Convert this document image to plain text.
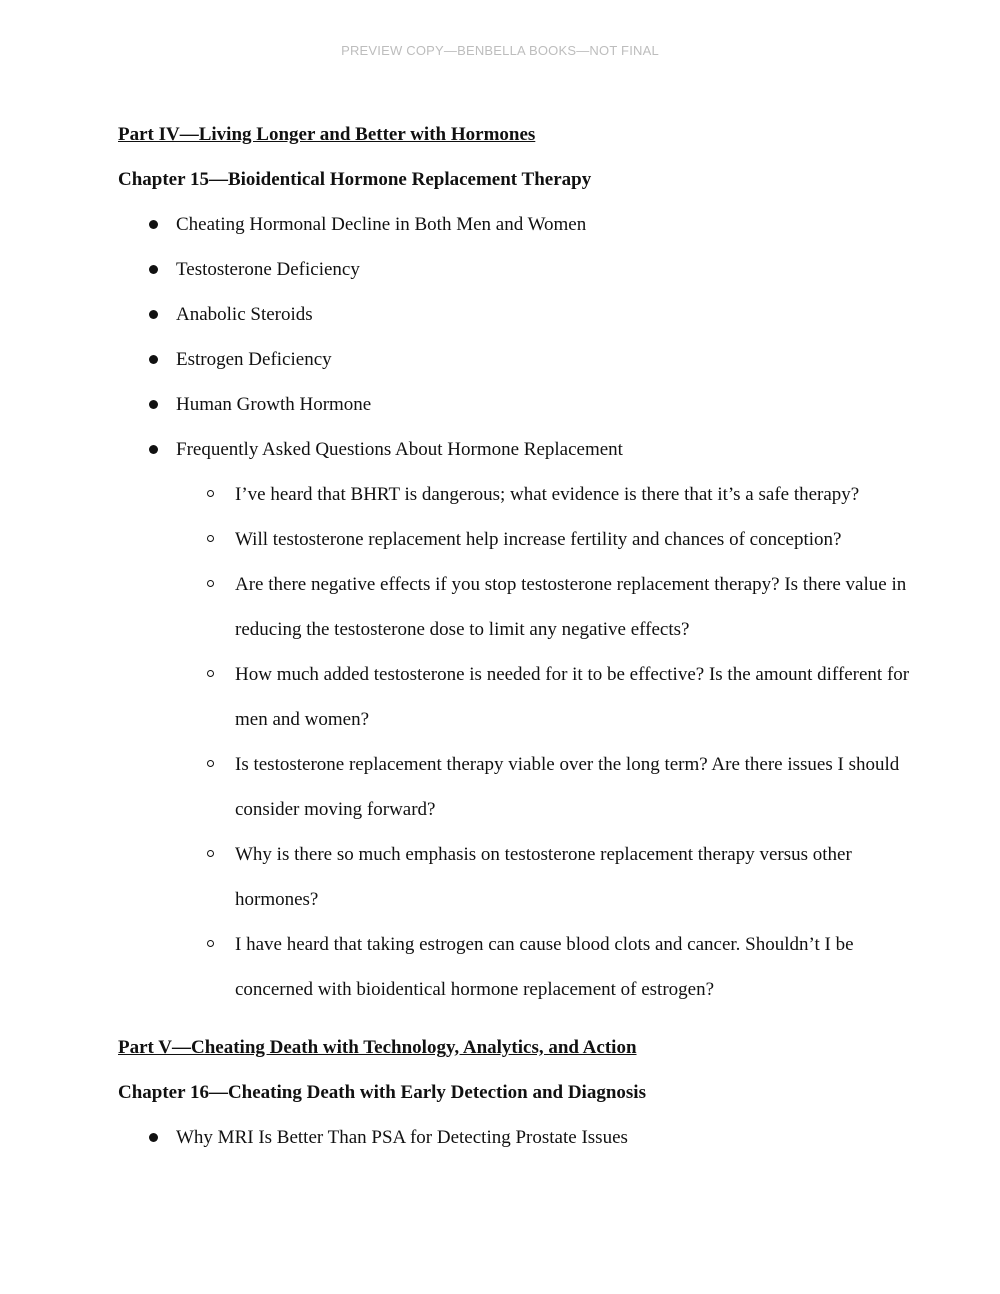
PREVIEW COPY—BENBELLA BOOKS—NOT FINAL
Part IV—Living Longer and Better with Hormones
Chapter 15—Bioidentical Hormone Replacement Therapy
Cheating Hormonal Decline in Both Men and Women
Testosterone Deficiency
Anabolic Steroids
Estrogen Deficiency
Human Growth Hormone
Frequently Asked Questions About Hormone Replacement
I’ve heard that BHRT is dangerous; what evidence is there that it’s a safe therapy?
Will testosterone replacement help increase fertility and chances of conception?
Are there negative effects if you stop testosterone replacement therapy? Is there value in reducing the testosterone dose to limit any negative effects?
How much added testosterone is needed for it to be effective? Is the amount different for men and women?
Is testosterone replacement therapy viable over the long term? Are there issues I should consider moving forward?
Why is there so much emphasis on testosterone replacement therapy versus other hormones?
I have heard that taking estrogen can cause blood clots and cancer. Shouldn’t I be concerned with bioidentical hormone replacement of estrogen?
Part V—Cheating Death with Technology, Analytics, and Action
Chapter 16—Cheating Death with Early Detection and Diagnosis
Why MRI Is Better Than PSA for Detecting Prostate Issues
